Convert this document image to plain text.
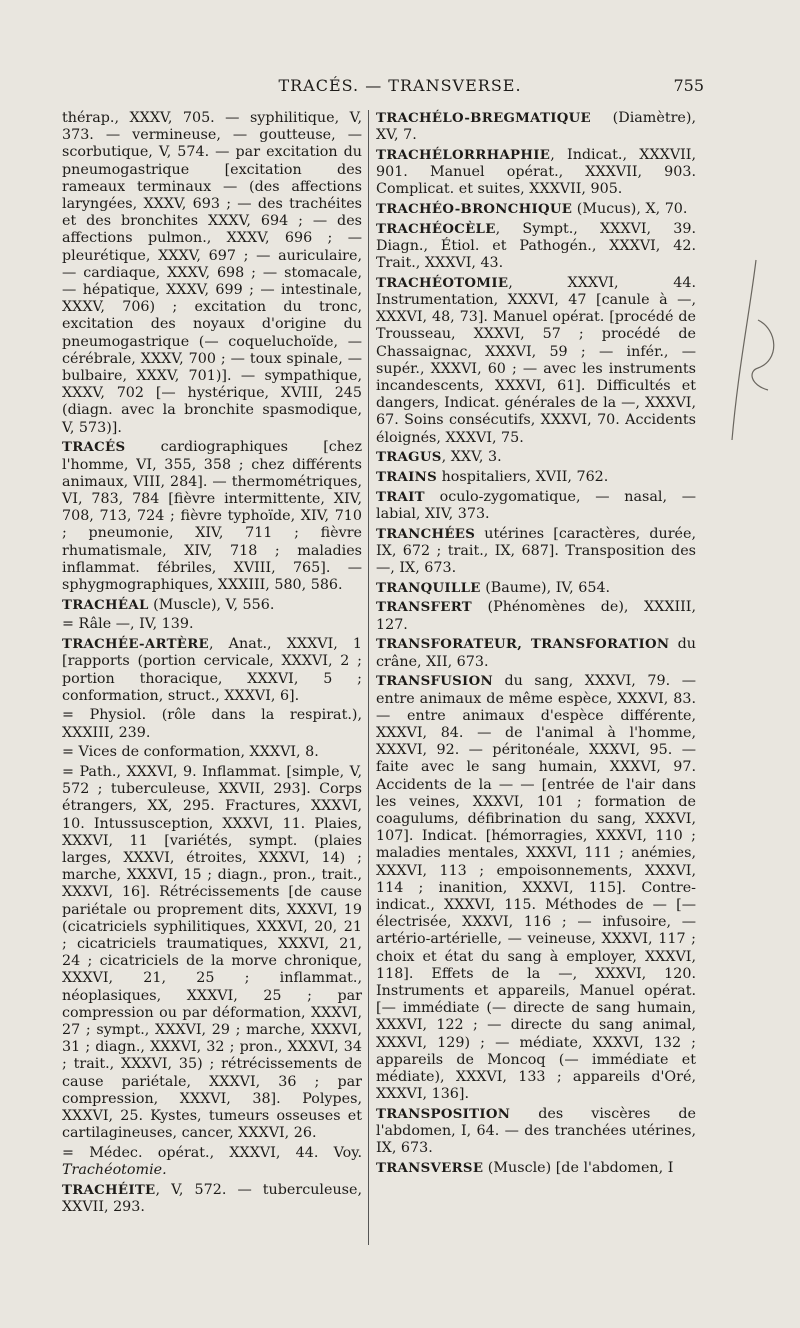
TRACÉS. — TRANSVERSE.	755

thérap., XXXV, 705. — syphilitique, V, 373. — vermineuse, — goutteuse, — scorbutique, V, 574. — par excitation du pneumogastrique [excitation des rameaux terminaux — (des affections laryngées, XXXV, 693 ; — des trachéites et des bronchites XXXV, 694 ; — des affections pulmon., XXXV, 696 ; — pleurétique, XXXV, 697 ; — auriculaire, — cardiaque, XXXV, 698 ; — stomacale, — hépatique, XXXV, 699 ; — intestinale, XXXV, 706) ; excitation du tronc, excitation des noyaux d'origine du pneumogastrique (— coqueluchoïde, — cérébrale, XXXV, 700 ; — toux spinale, — bulbaire, XXXV, 701)]. — sympathique, XXXV, 702 [— hystérique, XVIII, 245 (diagn. avec la bronchite spasmodique, V, 573)].

TRACÉS cardiographiques [chez l'homme, VI, 355, 358 ; chez différents animaux, VIII, 284]. — thermométriques, VI, 783, 784 [fièvre intermittente, XIV, 708, 713, 724 ; fièvre typhoïde, XIV, 710 ; pneumonie, XIV, 711 ; fièvre rhumatismale, XIV, 718 ; maladies inflammat. fébriles, XVIII, 765]. — sphygmographiques, XXXIII, 580, 586.

TRACHÉAL (Muscle), V, 556.

= Râle —, IV, 139.

TRACHÉE-ARTÈRE, Anat., XXXVI, 1 [rapports (portion cervicale, XXXVI, 2 ; portion thoracique, XXXVI, 5 ; conformation, struct., XXXVI, 6].

= Physiol. (rôle dans la respirat.), XXXIII, 239.

= Vices de conformation, XXXVI, 8.

= Path., XXXVI, 9. Inflammat. [simple, V, 572 ; tuberculeuse, XXVII, 293]. Corps étrangers, XX, 295. Fractures, XXXVI, 10. Intussusception, XXXVI, 11. Plaies, XXXVI, 11 [variétés, sympt. (plaies larges, XXXVI, étroites, XXXVI, 14) ; marche, XXXVI, 15 ; diagn., pron., trait., XXXVI, 16]. Rétrécissements [de cause pariétale ou proprement dits, XXXVI, 19 (cicatriciels syphilitiques, XXXVI, 20, 21 ; cicatriciels traumatiques, XXXVI, 21, 24 ; cicatriciels de la morve chronique, XXXVI, 21, 25 ; inflammat., néoplasiques, XXXVI, 25 ; par compression ou par déformation, XXXVI, 27 ; sympt., XXXVI, 29 ; marche, XXXVI, 31 ; diagn., XXXVI, 32 ; pron., XXXVI, 34 ; trait., XXXVI, 35) ; rétrécissements de cause pariétale, XXXVI, 36 ; par compression, XXXVI, 38]. Polypes, XXXVI, 25. Kystes, tumeurs osseuses et cartilagineuses, cancer, XXXVI, 26.

= Médec. opérat., XXXVI, 44. Voy. Trachéotomie.

TRACHÉITE, V, 572. — tuberculeuse, XXVII, 293.

TRACHÉLO-BREGMATIQUE (Diamètre), XV, 7.

TRACHÉLORRHAPHIE, Indicat., XXXVII, 901. Manuel opérat., XXXVII, 903. Complicat. et suites, XXXVII, 905.

TRACHÉO-BRONCHIQUE (Mucus), X, 70.

TRACHÉOCÈLE, Sympt., XXXVI, 39. Diagn., Étiol. et Pathogén., XXXVI, 42. Trait., XXXVI, 43.

TRACHÉOTOMIE, XXXVI, 44. Instrumentation, XXXVI, 47 [canule à —, XXXVI, 48, 73]. Manuel opérat. [procédé de Trousseau, XXXVI, 57 ; procédé de Chassaignac, XXXVI, 59 ; — infér., — supér., XXXVI, 60 ; — avec les instruments incandescents, XXXVI, 61]. Difficultés et dangers, Indicat. générales de la —, XXXVI, 67. Soins consécutifs, XXXVI, 70. Accidents éloignés, XXXVI, 75.

TRAGUS, XXV, 3.

TRAINS hospitaliers, XVII, 762.

TRAIT oculo-zygomatique, — nasal, — labial, XIV, 373.

TRANCHÉES utérines [caractères, durée, IX, 672 ; trait., IX, 687]. Transposition des —, IX, 673.

TRANQUILLE (Baume), IV, 654.

TRANSFERT (Phénomènes de), XXXIII, 127.

TRANSFORATEUR, TRANSFORATION du crâne, XII, 673.

TRANSFUSION du sang, XXXVI, 79. — entre animaux de même espèce, XXXVI, 83. — entre animaux d'espèce différente, XXXVI, 84. — de l'animal à l'homme, XXXVI, 92. — péritonéale, XXXVI, 95. — faite avec le sang humain, XXXVI, 97. Accidents de la — — [entrée de l'air dans les veines, XXXVI, 101 ; formation de coagulums, défibrination du sang, XXXVI, 107]. Indicat. [hémorragies, XXXVI, 110 ; maladies mentales, XXXVI, 111 ; anémies, XXXVI, 113 ; empoisonnements, XXXVI, 114 ; inanition, XXXVI, 115]. Contre-indicat., XXXVI, 115. Méthodes de — [— électrisée, XXXVI, 116 ; — infusoire, — artério-artérielle, — veineuse, XXXVI, 117 ; choix et état du sang à employer, XXXVI, 118]. Effets de la —, XXXVI, 120. Instruments et appareils, Manuel opérat. [— immédiate (— directe de sang humain, XXXVI, 122 ; — directe du sang animal, XXXVI, 129) ; — médiate, XXXVI, 132 ; appareils de Moncoq (— immédiate et médiate), XXXVI, 133 ; appareils d'Oré, XXXVI, 136].

TRANSPOSITION des viscères de l'abdomen, I, 64. — des tranchées utérines, IX, 673.

TRANSVERSE (Muscle) [de l'abdomen, I
